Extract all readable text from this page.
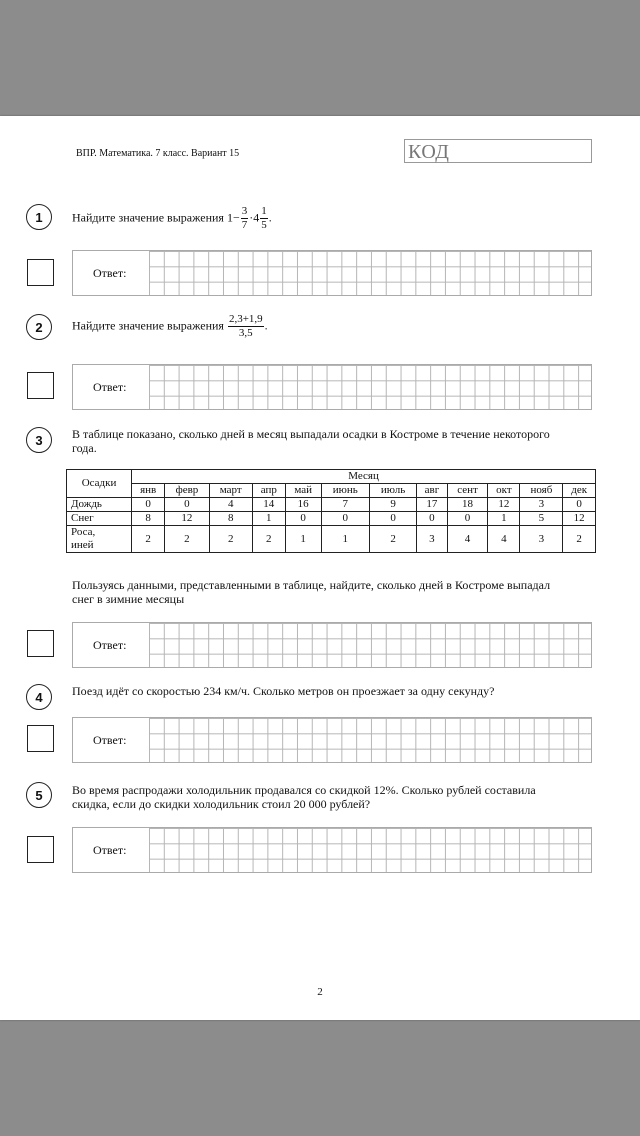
ВПР. Математика. 7 класс. Вариант 15	КОД
1	Найдите значение выражения $1- \frac{3}{7} \cdot 4 \frac{1}{5}$ .
Ответ:
2	Найдите значение выражения $\frac{2,3+1,9}{3,5}$ .
Ответ:
3	В таблице показано, сколько дней в месяц выпадали осадки в Костроме в течение некоторого
года.
Осадки	Месяц											
	янв	февр	март	апр	май	июнь	июль	авг	сент	окт	нояб	дек
Дождь	0	0	4	14	16	7	9	17	18	12	3	0
Снег	8	12	8	1	0	0	0	0	0	1	5	12
Роса,
иней	2	2	2	2	1	1	2	3	4	4	3	2
Пользуясь данными, представленными в таблице, найдите, сколько дней в Костроме выпадал
снег в зимние месяцы
Ответ:
4	Поезд идёт со скоростью 234 км/ч. Сколько метров он проезжает за одну секунду?
Ответ:
5	Во время распродажи холодильник продавался со скидкой 12%. Сколько рублей составила
скидка, если до скидки холодильник стоил 20 000 рублей?
Ответ:
2
